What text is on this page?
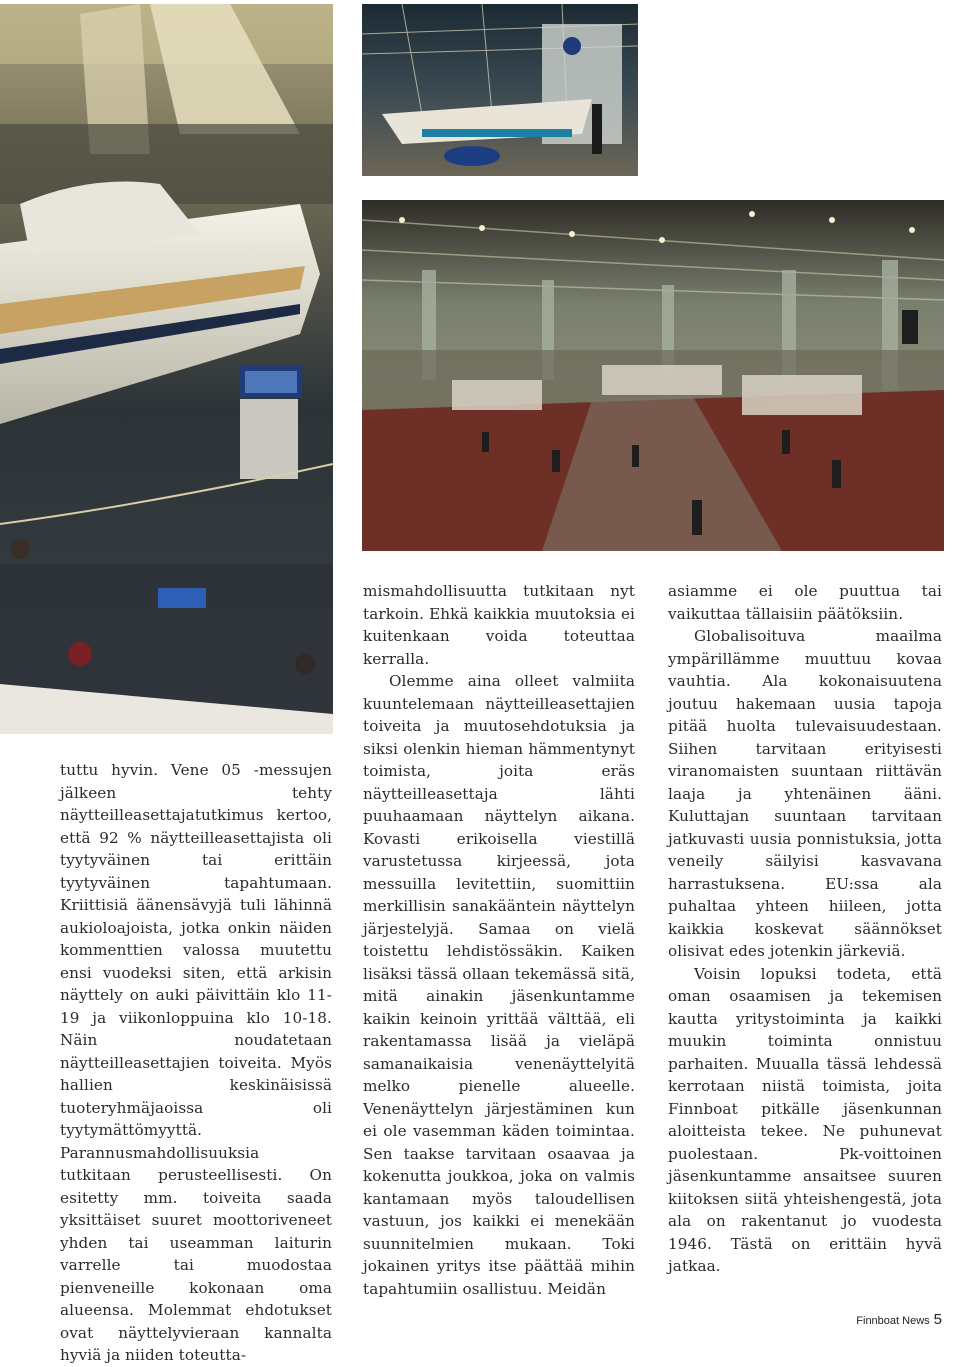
tuttu hyvin. Vene 05 -messujen jälkeen tehty näytteilleasettajatutkimus kertoo, että 92 % näytteilleasettajista oli tyytyväinen tai erittäin tyytyväinen tapahtumaan. Kriittisiä äänensävyjä tuli lähinnä aukioloajoista, jotka onkin näiden kommenttien valossa muutettu ensi vuodeksi siten, että arkisin näyttely on auki päivittäin klo 11-19 ja viikonloppuina klo 10-18. Näin noudatetaan näytteilleasettajien toiveita. Myös hallien keskinäisissä tuoteryhmäjaoissa oli tyytymättömyyttä. Parannusmahdollisuuksia tutkitaan perusteellisesti. On esitetty mm. toiveita saada yksittäiset suuret moottoriveneet yhden tai useamman laiturin varrelle tai muodostaa pienveneille kokonaan oma alueensa. Molemmat ehdotukset ovat näyttelyvieraan kannalta hyviä ja niiden toteutta-

mismahdollisuutta tutkitaan nyt tarkoin. Ehkä kaikkia muutoksia ei kuitenkaan voida toteuttaa kerralla.

Olemme aina olleet valmiita kuuntelemaan näytteilleasettajien toiveita ja muutosehdotuksia ja siksi olenkin hieman hämmentynyt toimista, joita eräs näytteilleasettaja lähti puuhaamaan näyttelyn aikana. Kovasti erikoisella viestillä varustetussa kirjeessä, jota messuilla levitettiin, suomittiin merkillisin sanakääntein näyttelyn järjestelyjä. Samaa on vielä toistettu lehdistössäkin. Kaiken lisäksi tässä ollaan tekemässä sitä, mitä ainakin jäsenkuntamme kaikin keinoin yrittää välttää, eli rakentamassa lisää ja vieläpä samanaikaisia venenäyttelyitä melko pienelle alueelle. Venenäyttelyn järjestäminen kun ei ole vasemman käden toimintaa. Sen taakse tarvitaan osaavaa ja kokenutta joukkoa, joka on valmis kantamaan myös taloudellisen vastuun, jos kaikki ei menekään suunnitelmien mukaan. Toki jokainen yritys itse päättää mihin tapahtumiin osallistuu. Meidän

asiamme ei ole puuttua tai vaikuttaa tällaisiin päätöksiin.

Globalisoituva maailma ympärillämme muuttuu kovaa vauhtia. Ala kokonaisuutena joutuu hakemaan uusia tapoja pitää huolta tulevaisuudestaan. Siihen tarvitaan erityisesti viranomaisten suuntaan riittävän laaja ja yhtenäinen ääni. Kuluttajan suuntaan tarvitaan jatkuvasti uusia ponnistuksia, jotta veneily säilyisi kasvavana harrastuksena. EU:ssa ala puhaltaa yhteen hiileen, jotta kaikkia koskevat säännökset olisivat edes jotenkin järkeviä.

Voisin lopuksi todeta, että oman osaamisen ja tekemisen kautta yritystoiminta ja kaikki muukin toiminta onnistuu parhaiten. Muualla tässä lehdessä kerrotaan niistä toimista, joita Finnboat pitkälle jäsenkunnan aloitteista tekee. Ne puhunevat puolestaan. Pk-voittoinen jäsenkuntamme ansaitsee suuren kiitoksen siitä yhteishengestä, jota ala on rakentanut jo vuodesta 1946. Tästä on erittäin hyvä jatkaa.

Finnboat News 5
